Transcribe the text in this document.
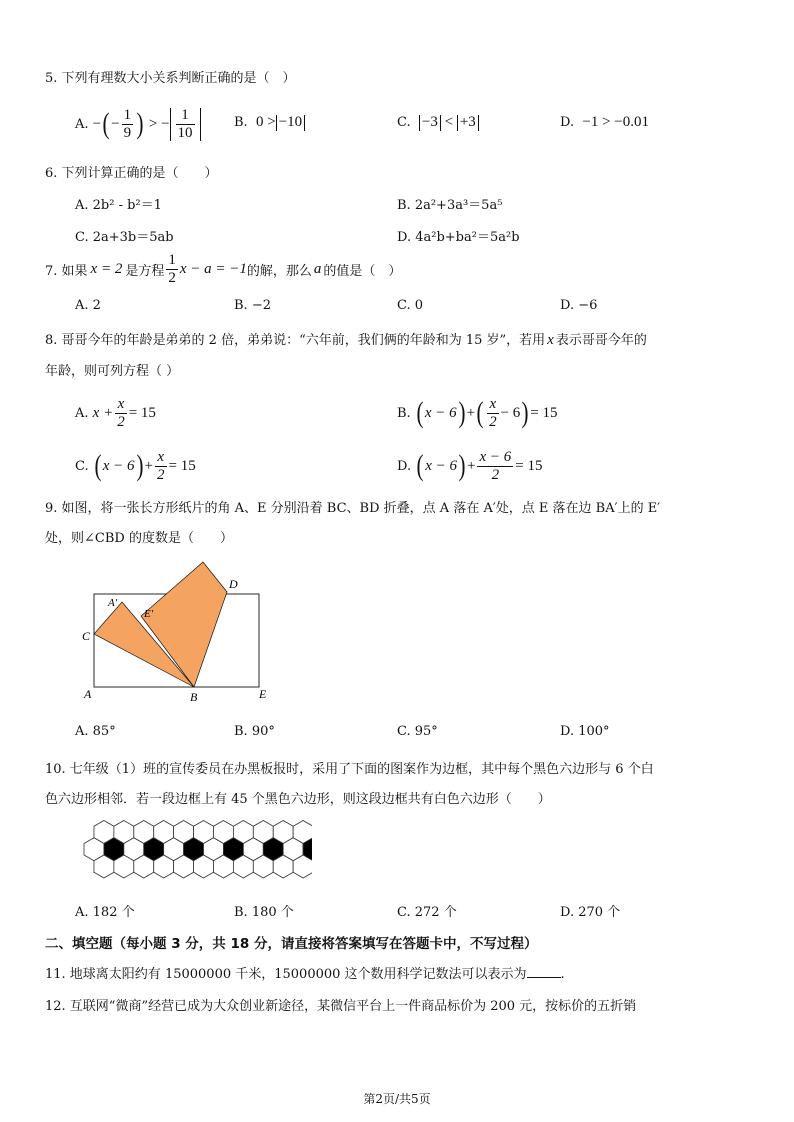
5. 下列有理数大小关系判断正确的是（　）
A.
−( − $\frac{1}{9}$ ) > − $\frac{1}{10}$	B. 0 > −10	C. −3 < +3	D. −1 > −0.01
6. 下列计算正确的是（　　）
A. 2b² - b²＝1	B. 2a²+3a³＝5a⁵
C. 2a+3b＝5ab	D. 4a²b+ba²＝5a²b
7. 如果 x = 2 是方程 $\frac{1}{2}$ x − a = −1 的解，那么 a 的值是（　）
A. 2	B. −2	C. 0	D. −6
8. 哥哥今年的年龄是弟弟的 2 倍，弟弟说：“六年前，我们俩的年龄和为 15 岁”，若用 x 表示哥哥今年的
年龄，则可列方程（ ）
A.
$x + \frac{x}{2} = 15$	B.
( x − 6) +( $\frac{x}{2} - 6) = 15$
C.
( $x - 6) + \frac{x}{2} = 15$	D.
( $x - 6) + \frac{x - 6}{2} = 15$
9. 如图，将一张长方形纸片的角 A、E 分别沿着 BC、BD 折叠，点 A 落在 A′处，点 E 落在边 BA′上的 E′
处，则∠CBD 的度数是（　　）
C
A′
E′
D
A	B	E
A. 85°	B. 90°	C. 95°	D. 100°
10. 七年级（1）班的宣传委员在办黑板报时，采用了下面的图案作为边框，其中每个黑色六边形与 6 个白
色六边形相邻．若一段边框上有 45 个黑色六边形，则这段边框共有白色六边形（　　）
A. 182 个	B. 180 个	C. 272 个	D. 270 个
二、填空题（每小题 3 分，共 18 分，请直接将答案填写在答题卡中，不写过程）
11. 地球离太阳约有 15000000 千米，15000000 这个数用科学记数法可以表示为	.
12. 互联网“微商”经营已成为大众创业新途径，某微信平台上一件商品标价为 200 元，按标价的五折销
第2页/共5页
